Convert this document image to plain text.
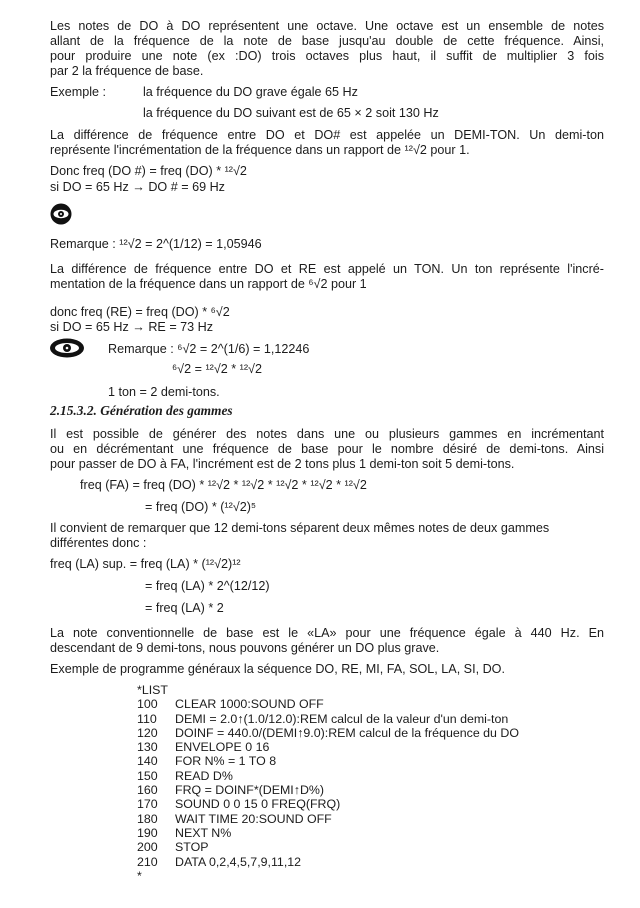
Les notes de DO à DO représentent une octave. Une octave est un ensemble de notes
allant de la fréquence de la note de base jusqu'au double de cette fréquence. Ainsi,
pour produire une note (ex :DO) trois octaves plus haut, il suffit de multiplier 3 fois
par 2 la fréquence de base.
Exemple :	la fréquence du DO grave égale 65 Hz
la fréquence du DO suivant est de 65 × 2 soit 130 Hz
La différence de fréquence entre DO et DO# est appelée un DEMI-TON. Un demi-ton
représente l'incrémentation de la fréquence dans un rapport de ¹²√2 pour 1.
Donc freq (DO #) = freq (DO) * ¹²√2
si DO = 65 Hz → DO # = 69 Hz
Remarque : ¹²√2 = 2^(1/12) = 1,05946
La différence de fréquence entre DO et RE est appelé un TON. Un ton représente l'incré-
mentation de la fréquence dans un rapport de ⁶√2 pour 1
donc freq (RE) = freq (DO) * ⁶√2
si DO = 65 Hz → RE = 73 Hz
Remarque : ⁶√2 = 2^(1/6) = 1,12246
⁶√2 = ¹²√2 * ¹²√2
1 ton = 2 demi-tons.
2.15.3.2. Génération des gammes
Il est possible de générer des notes dans une ou plusieurs gammes en incrémentant
ou en décrémentant une fréquence de base pour le nombre désiré de demi-tons. Ainsi
pour passer de DO à FA, l'incrément est de 2 tons plus 1 demi-ton soit 5 demi-tons.
freq (FA) = freq (DO) * ¹²√2 * ¹²√2 * ¹²√2 * ¹²√2 * ¹²√2
= freq (DO) * (¹²√2)⁵
Il convient de remarquer que 12 demi-tons séparent deux mêmes notes de deux gammes
différentes donc :
freq (LA) sup. = freq (LA) * (¹²√2)¹²
= freq (LA) * 2^(12/12)
= freq (LA) * 2
La note conventionnelle de base est le «LA» pour une fréquence égale à 440 Hz. En
descendant de 9 demi-tons, nous pouvons générer un DO plus grave.
Exemple de programme généraux la séquence DO, RE, MI, FA, SOL, LA, SI, DO.
*LIST
100 CLEAR 1000:SOUND OFF
110 DEMI = 2.0↑(1.0/12.0):REM calcul de la valeur d'un demi-ton
120 DOINF = 440.0/(DEMI↑9.0):REM calcul de la fréquence du DO
130 ENVELOPE 0 16
140 FOR N% = 1 TO 8
150 READ D%
160 FRQ = DOINF*(DEMI↑D%)
170 SOUND 0 0 15 0 FREQ(FRQ)
180 WAIT TIME 20:SOUND OFF
190 NEXT N%
200 STOP
210 DATA 0,2,4,5,7,9,11,12
*
